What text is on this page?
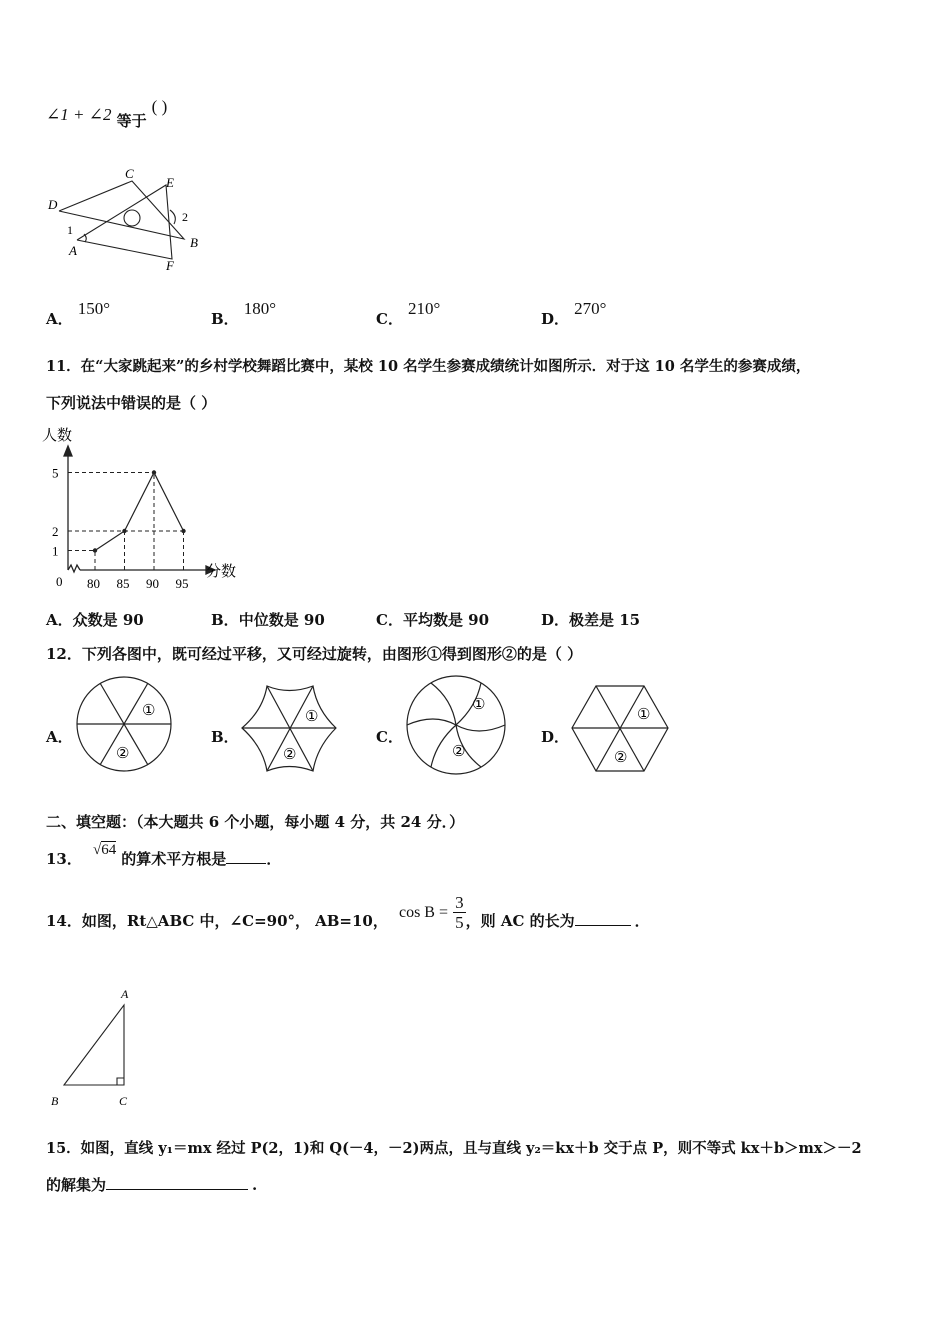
∠1 + ∠2 等于 ( )
C
E
D
2
1
B
A
F
A． 150°
B． 180°
C． 210°
D． 270°
11．在“大家跳起来”的乡村学校舞蹈比赛中，某校 10 名学生参赛成绩统计如图所示．对于这 10 名学生的参赛成绩，
下列说法中错误的是（ ）
人数
分数
0
1
2
5
80 85 90 95
A．众数是 90	B．中位数是 90	C．平均数是 90	D．极差是 15
12．下列各图中，既可经过平移，又可经过旋转，由图形①得到图形②的是（ ）
A．
①
②
B．
①
②
C．
①
②
D．
①
②
二、填空题：（本大题共 6 个小题，每小题 4 分，共 24 分．）
13． √64 的算术平方根是	．
14．如图，Rt△ABC 中，∠C=90°， AB=10， $\cos B = \frac{3}{5}$ ，则 AC 的长为	．
A
B	C
15．如图，直线 y₁＝mx 经过 P(2，1)和 Q(－4，－2)两点，且与直线 y₂＝kx＋b 交于点 P，则不等式 kx＋b＞mx＞－2
的解集为	.
